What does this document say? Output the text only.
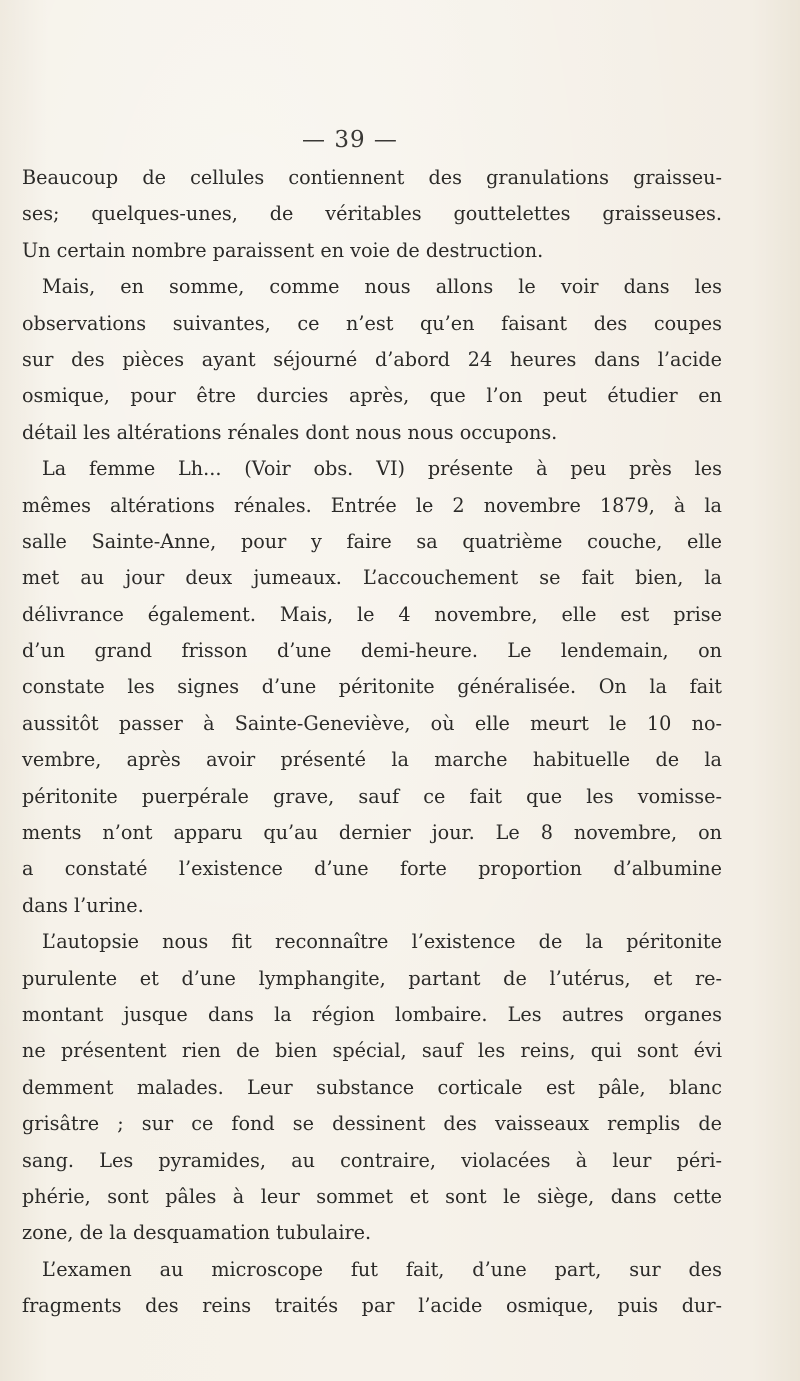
— 39 —
Beaucoup de cellules contiennent des granulations graisseu-
ses; quelques-unes, de véritables gouttelettes graisseuses.
Un certain nombre paraissent en voie de destruction.
Mais, en somme, comme nous allons le voir dans les
observations suivantes, ce n’est qu’en faisant des coupes
sur des pièces ayant séjourné d’abord 24 heures dans l’acide
osmique, pour être durcies après, que l’on peut étudier en
détail les altérations rénales dont nous nous occupons.
La femme Lh... (Voir obs. VI) présente à peu près les
mêmes altérations rénales. Entrée le 2 novembre 1879, à la
salle Sainte-Anne, pour y faire sa quatrième couche, elle
met au jour deux jumeaux. L’accouchement se fait bien, la
délivrance également. Mais, le 4 novembre, elle est prise
d’un grand frisson d’une demi-heure. Le lendemain, on
constate les signes d’une péritonite généralisée. On la fait
aussitôt passer à Sainte-Geneviève, où elle meurt le 10 no-
vembre, après avoir présenté la marche habituelle de la
péritonite puerpérale grave, sauf ce fait que les vomisse-
ments n’ont apparu qu’au dernier jour. Le 8 novembre, on
a constaté l’existence d’une forte proportion d’albumine
dans l’urine.
L’autopsie nous fit reconnaître l’existence de la péritonite
purulente et d’une lymphangite, partant de l’utérus, et re-
montant jusque dans la région lombaire. Les autres organes
ne présentent rien de bien spécial, sauf les reins, qui sont évi
demment malades. Leur substance corticale est pâle, blanc
grisâtre ; sur ce fond se dessinent des vaisseaux remplis de
sang. Les pyramides, au contraire, violacées à leur péri-
phérie, sont pâles à leur sommet et sont le siège, dans cette
zone, de la desquamation tubulaire.
L’examen au microscope fut fait, d’une part, sur des
fragments des reins traités par l’acide osmique, puis dur-
